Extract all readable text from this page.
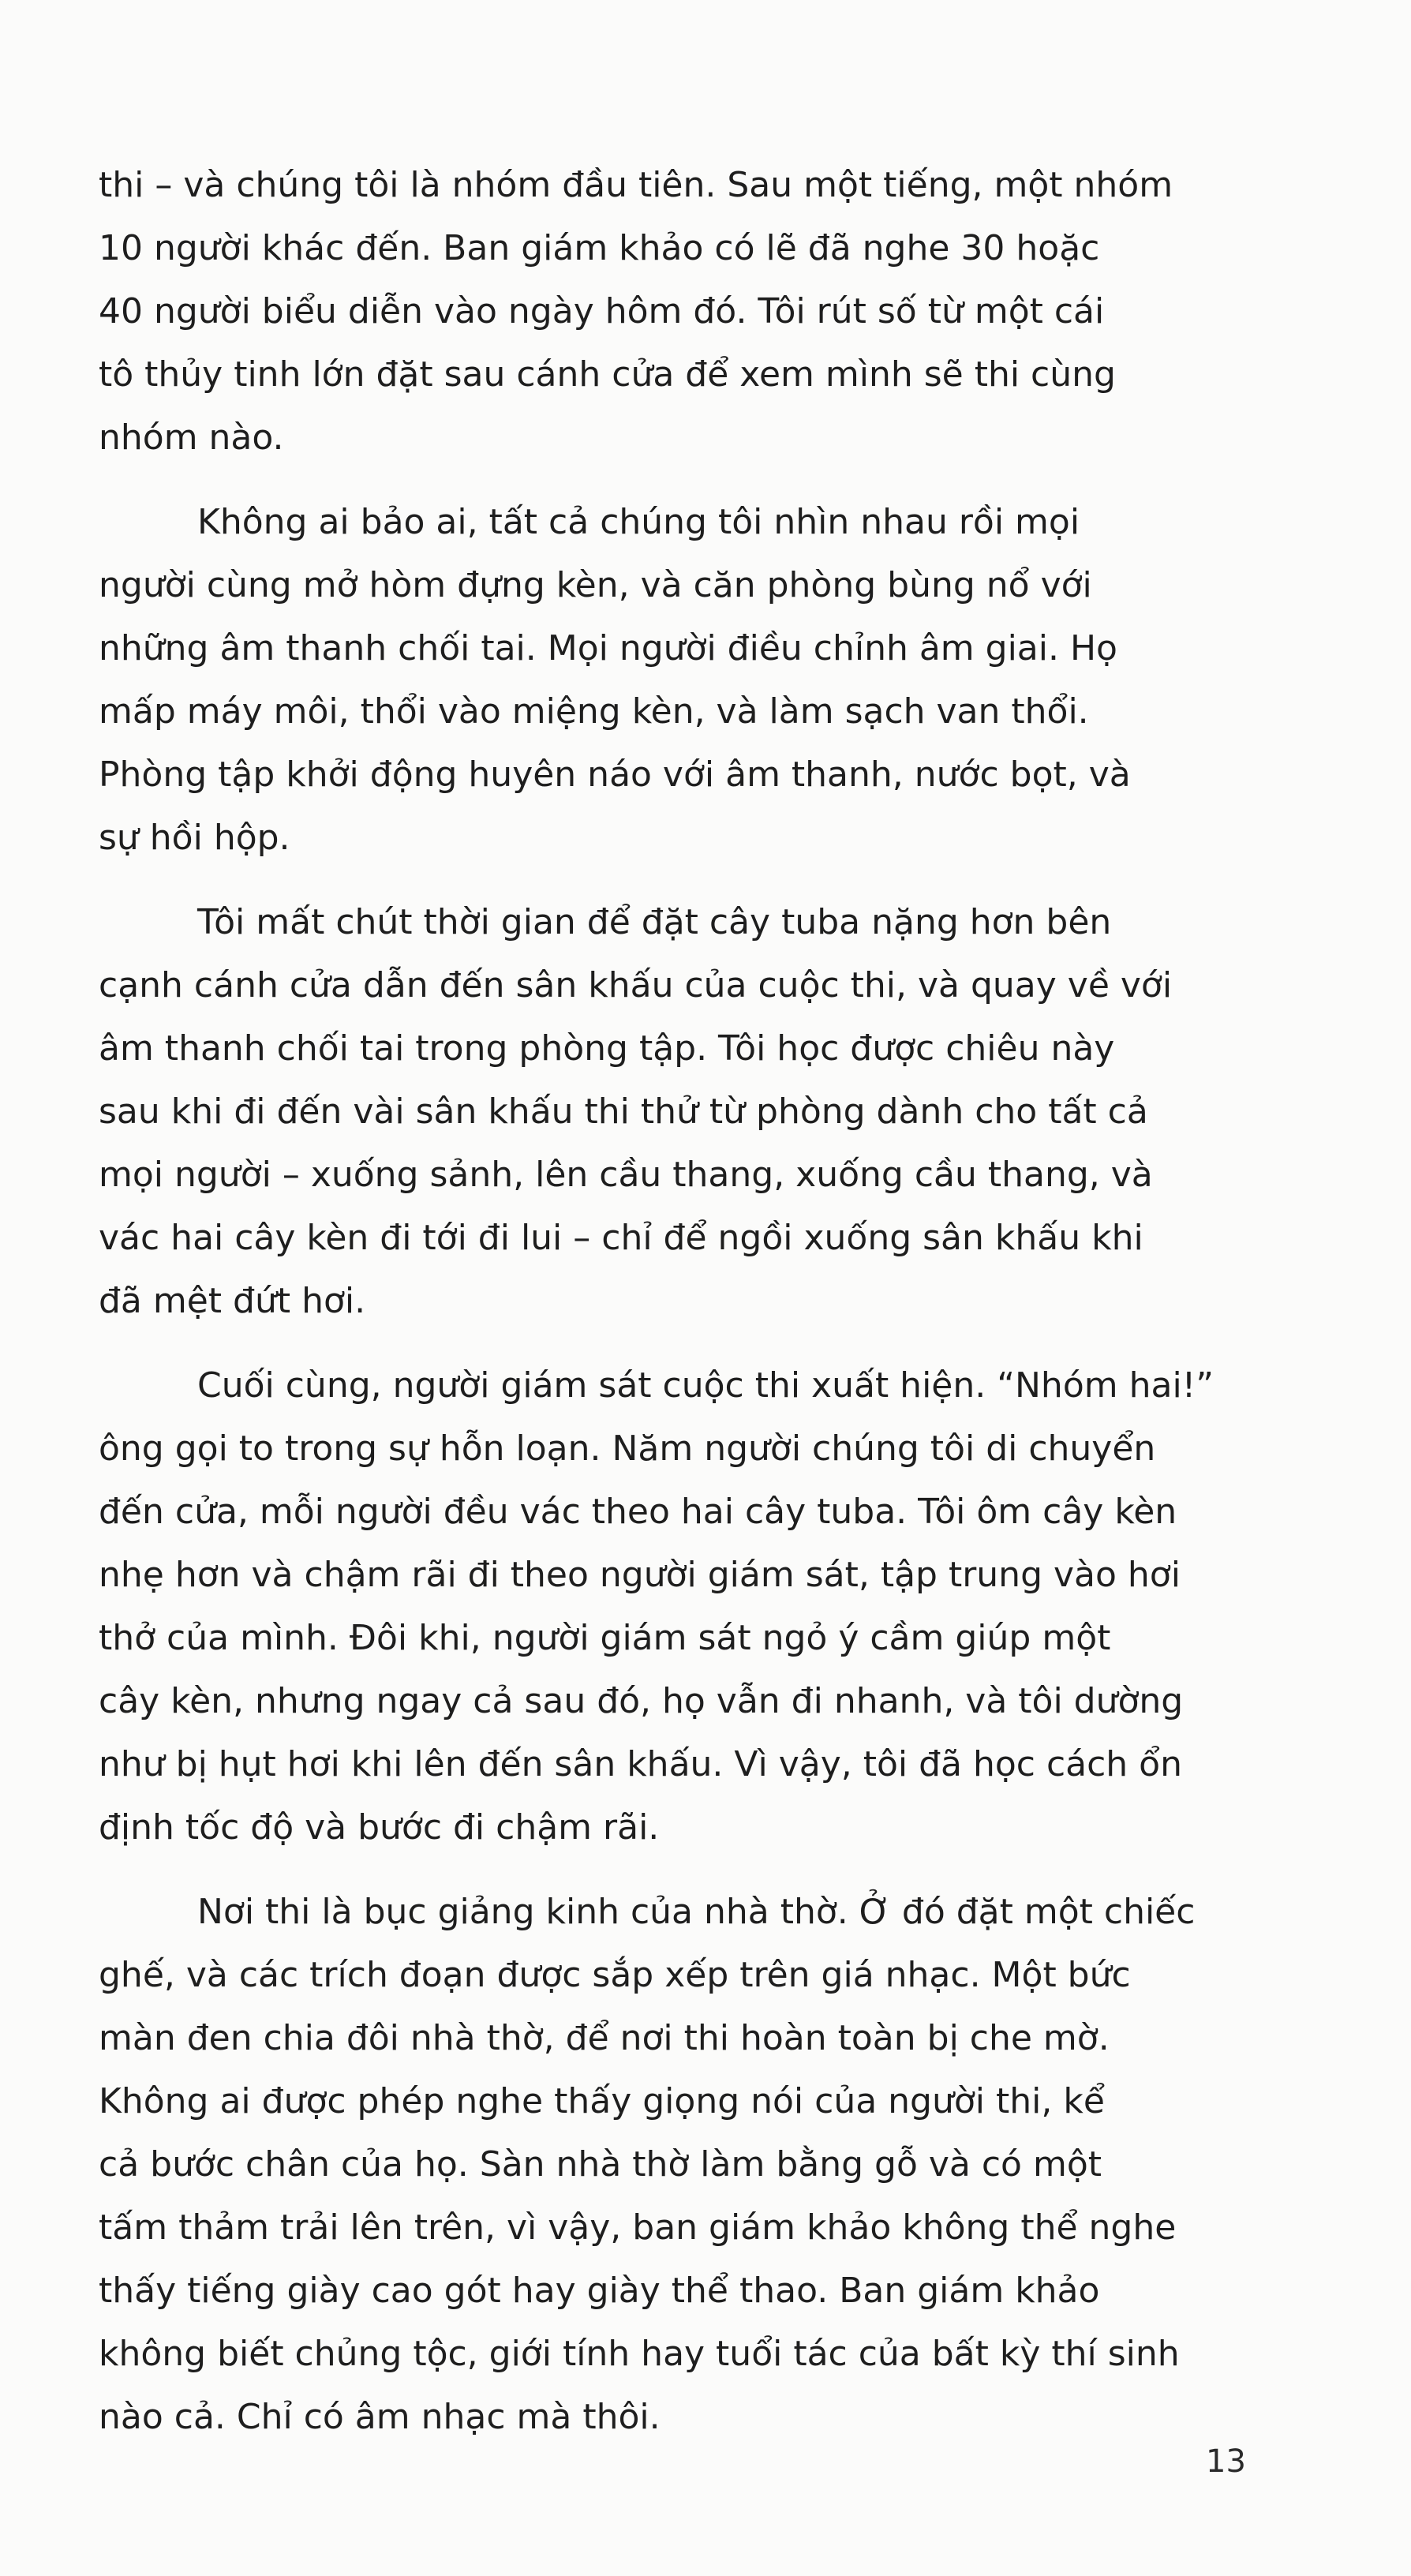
thi – và chúng tôi là nhóm đầu tiên. Sau một tiếng, một nhóm
10 người khác đến. Ban giám khảo có lẽ đã nghe 30 hoặc
40 người biểu diễn vào ngày hôm đó. Tôi rút số từ một cái
tô thủy tinh lớn đặt sau cánh cửa để xem mình sẽ thi cùng
nhóm nào.
Không ai bảo ai, tất cả chúng tôi nhìn nhau rồi mọi
người cùng mở hòm đựng kèn, và căn phòng bùng nổ với
những âm thanh chối tai. Mọi người điều chỉnh âm giai. Họ
mấp máy môi, thổi vào miệng kèn, và làm sạch van thổi.
Phòng tập khởi động huyên náo với âm thanh, nước bọt, và
sự hồi hộp.
Tôi mất chút thời gian để đặt cây tuba nặng hơn bên
cạnh cánh cửa dẫn đến sân khấu của cuộc thi, và quay về với
âm thanh chối tai trong phòng tập. Tôi học được chiêu này
sau khi đi đến vài sân khấu thi thử từ phòng dành cho tất cả
mọi người – xuống sảnh, lên cầu thang, xuống cầu thang, và
vác hai cây kèn đi tới đi lui – chỉ để ngồi xuống sân khấu khi
đã mệt đứt hơi.
Cuối cùng, người giám sát cuộc thi xuất hiện. “Nhóm hai!”
ông gọi to trong sự hỗn loạn. Năm người chúng tôi di chuyển
đến cửa, mỗi người đều vác theo hai cây tuba. Tôi ôm cây kèn
nhẹ hơn và chậm rãi đi theo người giám sát, tập trung vào hơi
thở của mình. Đôi khi, người giám sát ngỏ ý cầm giúp một
cây kèn, nhưng ngay cả sau đó, họ vẫn đi nhanh, và tôi dường
như bị hụt hơi khi lên đến sân khấu. Vì vậy, tôi đã học cách ổn
định tốc độ và bước đi chậm rãi.
Nơi thi là bục giảng kinh của nhà thờ. Ở đó đặt một chiếc
ghế, và các trích đoạn được sắp xếp trên giá nhạc. Một bức
màn đen chia đôi nhà thờ, để nơi thi hoàn toàn bị che mờ.
Không ai được phép nghe thấy giọng nói của người thi, kể
cả bước chân của họ. Sàn nhà thờ làm bằng gỗ và có một
tấm thảm trải lên trên, vì vậy, ban giám khảo không thể nghe
thấy tiếng giày cao gót hay giày thể thao. Ban giám khảo
không biết chủng tộc, giới tính hay tuổi tác của bất kỳ thí sinh
nào cả. Chỉ có âm nhạc mà thôi.
13
